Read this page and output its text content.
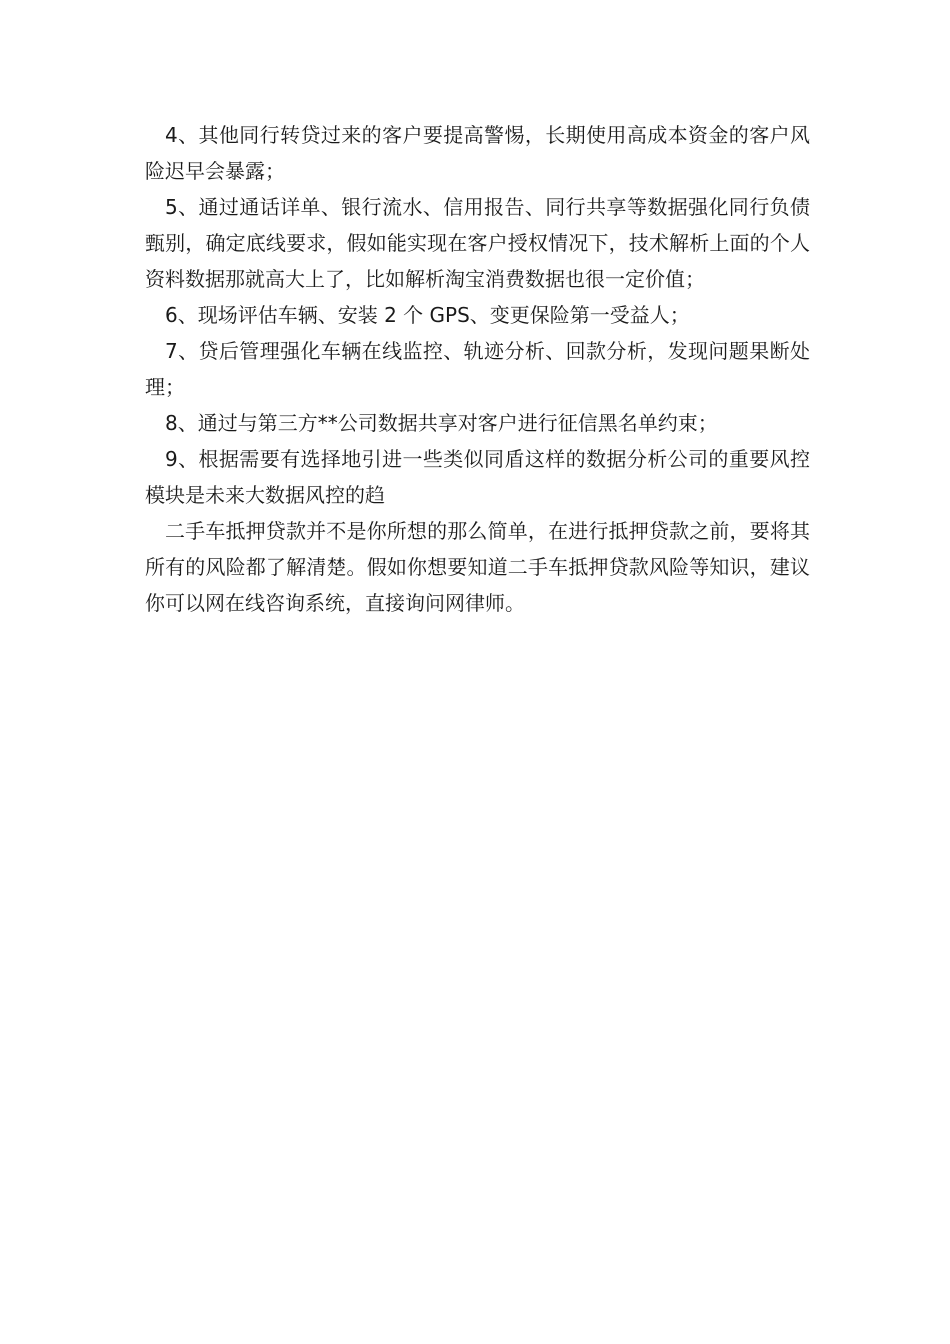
4、其他同行转贷过来的客户要提高警惕，长期使用高成本资金的客户风险迟早会暴露；

5、通过通话详单、银行流水、信用报告、同行共享等数据强化同行负债甄别，确定底线要求，假如能实现在客户授权情况下，技术解析上面的个人资料数据那就高大上了，比如解析淘宝消费数据也很一定价值；

6、现场评估车辆、安装 2 个 GPS、变更保险第一受益人；

7、贷后管理强化车辆在线监控、轨迹分析、回款分析，发现问题果断处理；

8、通过与第三方**公司数据共享对客户进行征信黑名单约束；

9、根据需要有选择地引进一些类似同盾这样的数据分析公司的重要风控模块是未来大数据风控的趋

二手车抵押贷款并不是你所想的那么简单，在进行抵押贷款之前，要将其所有的风险都了解清楚。假如你想要知道二手车抵押贷款风险等知识，建议你可以网在线咨询系统，直接询问网律师。
